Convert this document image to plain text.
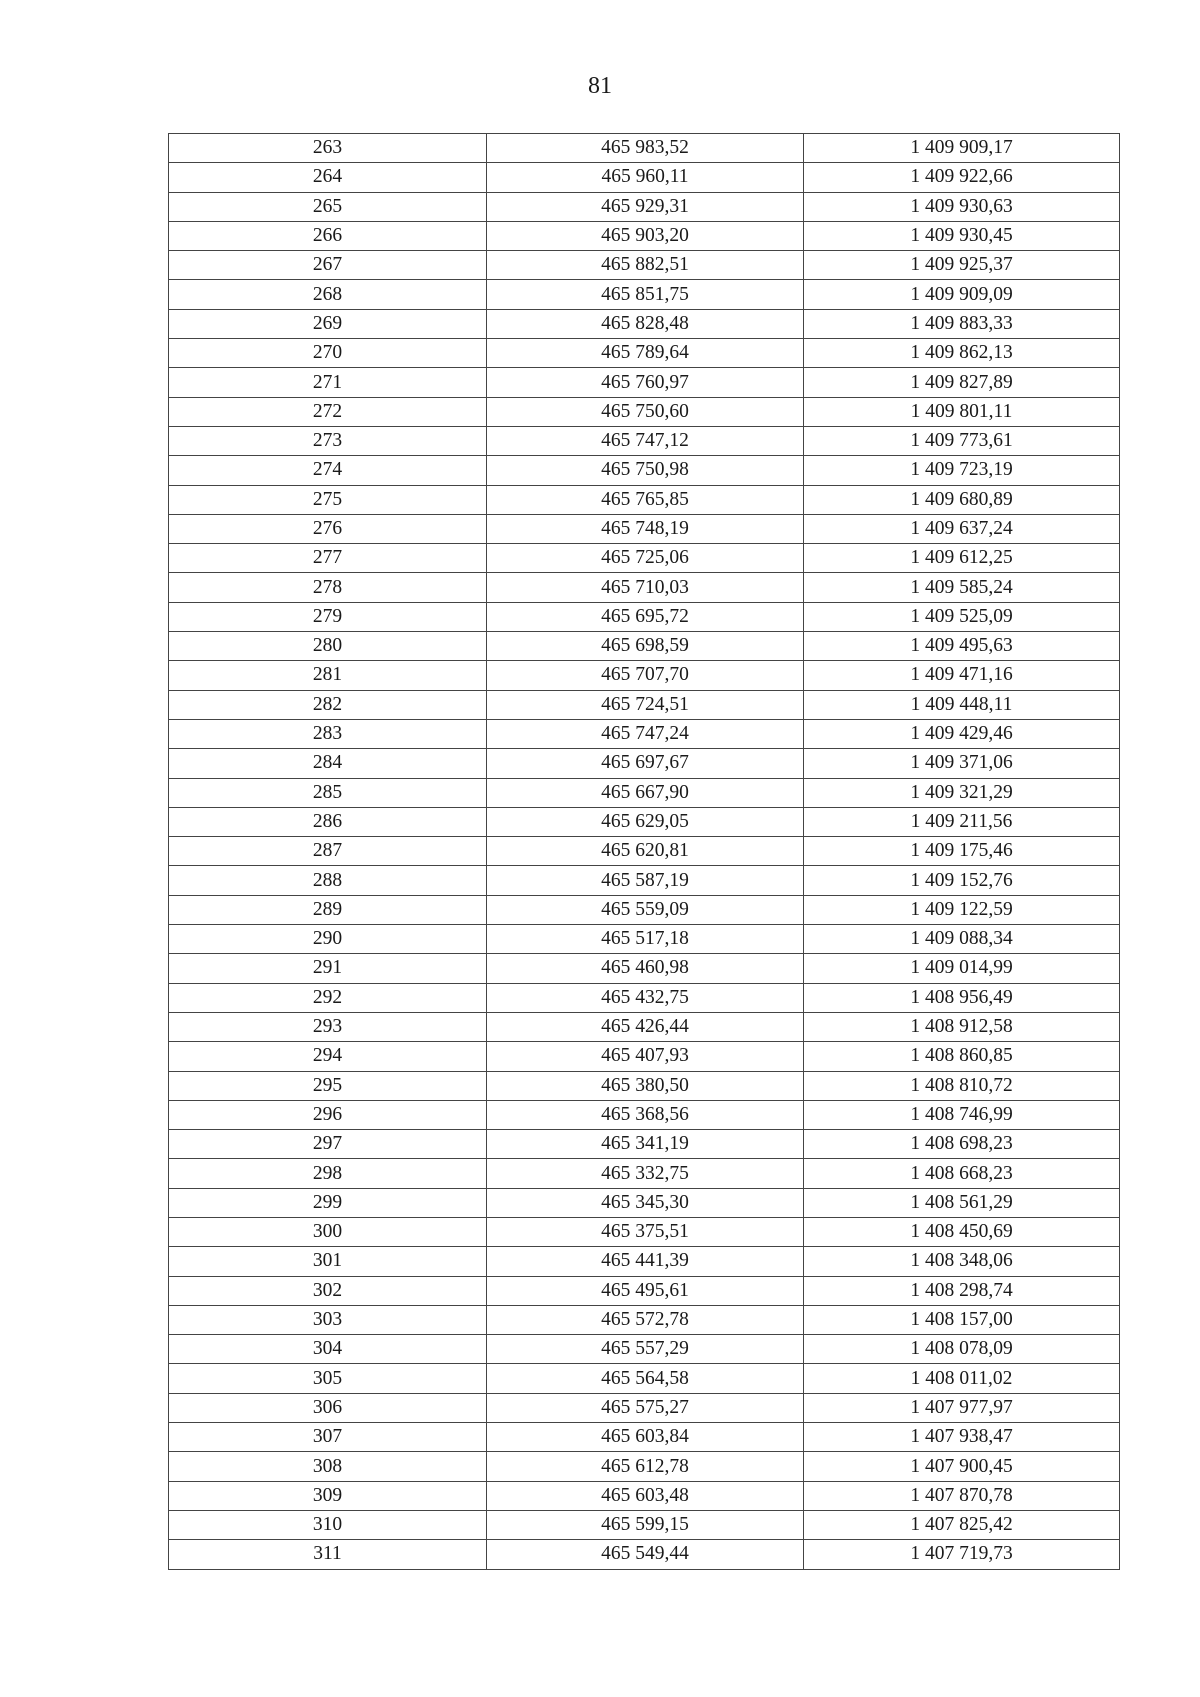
81
263	465 983,52	1 409 909,17
264	465 960,11	1 409 922,66
265	465 929,31	1 409 930,63
266	465 903,20	1 409 930,45
267	465 882,51	1 409 925,37
268	465 851,75	1 409 909,09
269	465 828,48	1 409 883,33
270	465 789,64	1 409 862,13
271	465 760,97	1 409 827,89
272	465 750,60	1 409 801,11
273	465 747,12	1 409 773,61
274	465 750,98	1 409 723,19
275	465 765,85	1 409 680,89
276	465 748,19	1 409 637,24
277	465 725,06	1 409 612,25
278	465 710,03	1 409 585,24
279	465 695,72	1 409 525,09
280	465 698,59	1 409 495,63
281	465 707,70	1 409 471,16
282	465 724,51	1 409 448,11
283	465 747,24	1 409 429,46
284	465 697,67	1 409 371,06
285	465 667,90	1 409 321,29
286	465 629,05	1 409 211,56
287	465 620,81	1 409 175,46
288	465 587,19	1 409 152,76
289	465 559,09	1 409 122,59
290	465 517,18	1 409 088,34
291	465 460,98	1 409 014,99
292	465 432,75	1 408 956,49
293	465 426,44	1 408 912,58
294	465 407,93	1 408 860,85
295	465 380,50	1 408 810,72
296	465 368,56	1 408 746,99
297	465 341,19	1 408 698,23
298	465 332,75	1 408 668,23
299	465 345,30	1 408 561,29
300	465 375,51	1 408 450,69
301	465 441,39	1 408 348,06
302	465 495,61	1 408 298,74
303	465 572,78	1 408 157,00
304	465 557,29	1 408 078,09
305	465 564,58	1 408 011,02
306	465 575,27	1 407 977,97
307	465 603,84	1 407 938,47
308	465 612,78	1 407 900,45
309	465 603,48	1 407 870,78
310	465 599,15	1 407 825,42
311	465 549,44	1 407 719,73
